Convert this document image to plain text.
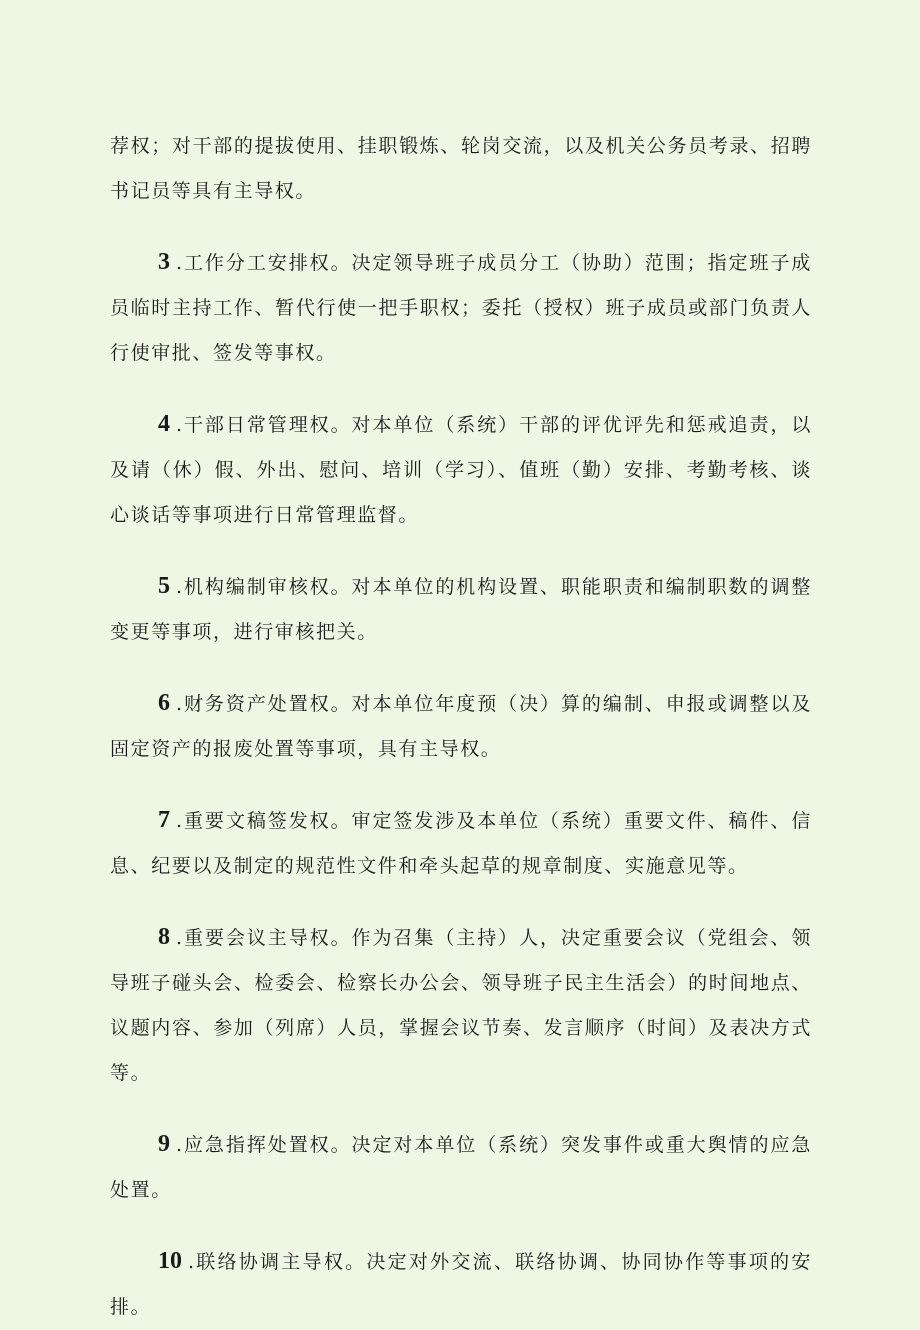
荐权；对干部的提拔使用、挂职锻炼、轮岗交流，以及机关公务员考录、招聘书记员等具有主导权。

3 .工作分工安排权。决定领导班子成员分工（协助）范围；指定班子成员临时主持工作、暂代行使一把手职权；委托（授权）班子成员或部门负责人行使审批、签发等事权。

4 .干部日常管理权。对本单位（系统）干部的评优评先和惩戒追责，以及请（休）假、外出、慰问、培训（学习）、值班（勤）安排、考勤考核、谈心谈话等事项进行日常管理监督。

5 .机构编制审核权。对本单位的机构设置、职能职责和编制职数的调整变更等事项，进行审核把关。

6 .财务资产处置权。对本单位年度预（决）算的编制、申报或调整以及固定资产的报废处置等事项，具有主导权。

7 .重要文稿签发权。审定签发涉及本单位（系统）重要文件、稿件、信息、纪要以及制定的规范性文件和牵头起草的规章制度、实施意见等。

8 .重要会议主导权。作为召集（主持）人，决定重要会议（党组会、领导班子碰头会、检委会、检察长办公会、领导班子民主生活会）的时间地点、议题内容、参加（列席）人员，掌握会议节奏、发言顺序（时间）及表决方式等。

9 .应急指挥处置权。决定对本单位（系统）突发事件或重大舆情的应急处置。

10 .联络协调主导权。决定对外交流、联络协调、协同协作等事项的安排。
